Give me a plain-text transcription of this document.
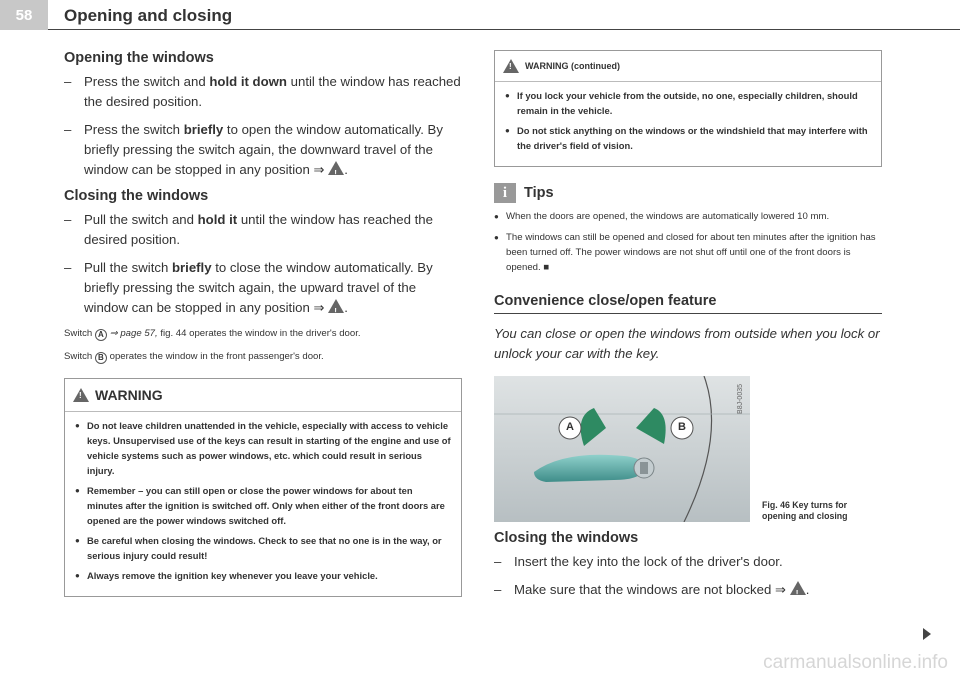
58	Opening and closing
Opening the windows
– Press the switch and hold it down until the window has reached the desired position.
– Press the switch briefly to open the window automatically. By briefly pressing the switch again, the downward travel of the window can be stopped in any position ⇒ ! .
Closing the windows
– Pull the switch and hold it until the window has reached the desired position.
– Pull the switch briefly to close the window automatically. By briefly pressing the switch again, the upward travel of the window can be stopped in any position ⇒ ! .

Switch A ⇒ page 57, fig. 44 operates the window in the driver's door.

Switch B operates the window in the front passenger's door.

!
WARNING
● Do not leave children unattended in the vehicle, especially with access to vehicle keys. Unsupervised use of the keys can result in starting of the engine and use of vehicle systems such as power windows, etc. which could result in serious injury.
● Remember – you can still open or close the power windows for about ten minutes after the ignition is switched off. Only when either of the front doors are opened are the power windows switched off.
● Be careful when closing the windows. Check to see that no one is in the way, or serious injury could result!
● Always remove the ignition key whenever you leave your vehicle.
!
WARNING (continued)
● If you lock your vehicle from the outside, no one, especially children, should remain in the vehicle.
● Do not stick anything on the windows or the windshield that may interfere with the driver's field of vision.
i	Tips
● When the doors are opened, the windows are automatically lowered 10 mm.
● The windows can still be opened and closed for about ten minutes after the ignition has been turned off. The power windows are not shut off until one of the front doors is opened. ■
Convenience close/open feature

You can close or open the windows from outside when you lock or unlock your car with the key.

A	B
B8J-0035
Fig. 46 Key turns for opening and closing
Closing the windows
– Insert the key into the lock of the driver's door.
– Make sure that the windows are not blocked ⇒ ! .
carmanualsonline.info
